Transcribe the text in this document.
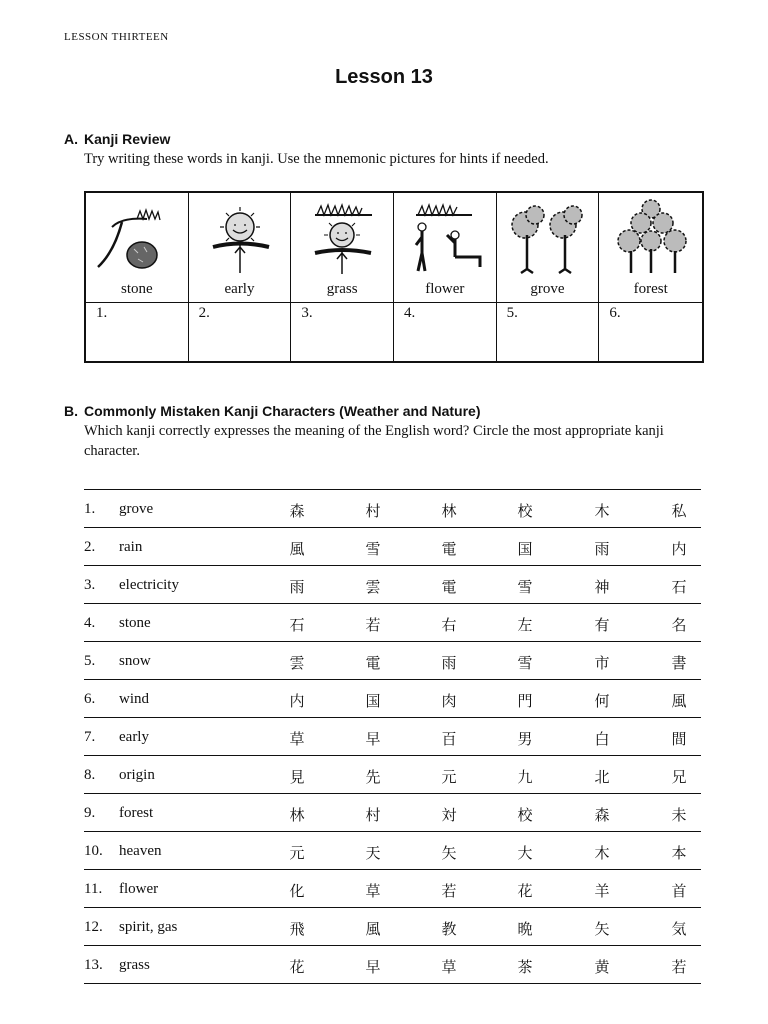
LESSON THIRTEEN
Lesson 13
A. Kanji Review
Try writing these words in kanji. Use the mnemonic pictures for hints if needed.
stone	early	grass	flower	grove	forest
1.	2.	3.	4.	5.	6.
B. Commonly Mistaken Kanji Characters (Weather and Nature)
Which kanji correctly expresses the meaning of the English word? Circle the most appropriate kanji character.
1. grove	森	村	林	校	木	私
2. rain	風	雪	電	国	雨	内
3. electricity	雨	雲	電	雪	神	石
4. stone	石	若	右	左	有	名
5. snow	雲	電	雨	雪	市	書
6. wind	内	国	肉	門	何	風
7. early	草	早	百	男	白	間
8. origin	見	先	元	九	北	兄
9. forest	林	村	対	校	森	未
10. heaven	元	天	矢	大	木	本
11. flower	化	草	若	花	羊	首
12. spirit, gas	飛	風	教	晩	矢	気
13. grass	花	早	草	茶	黄	若
